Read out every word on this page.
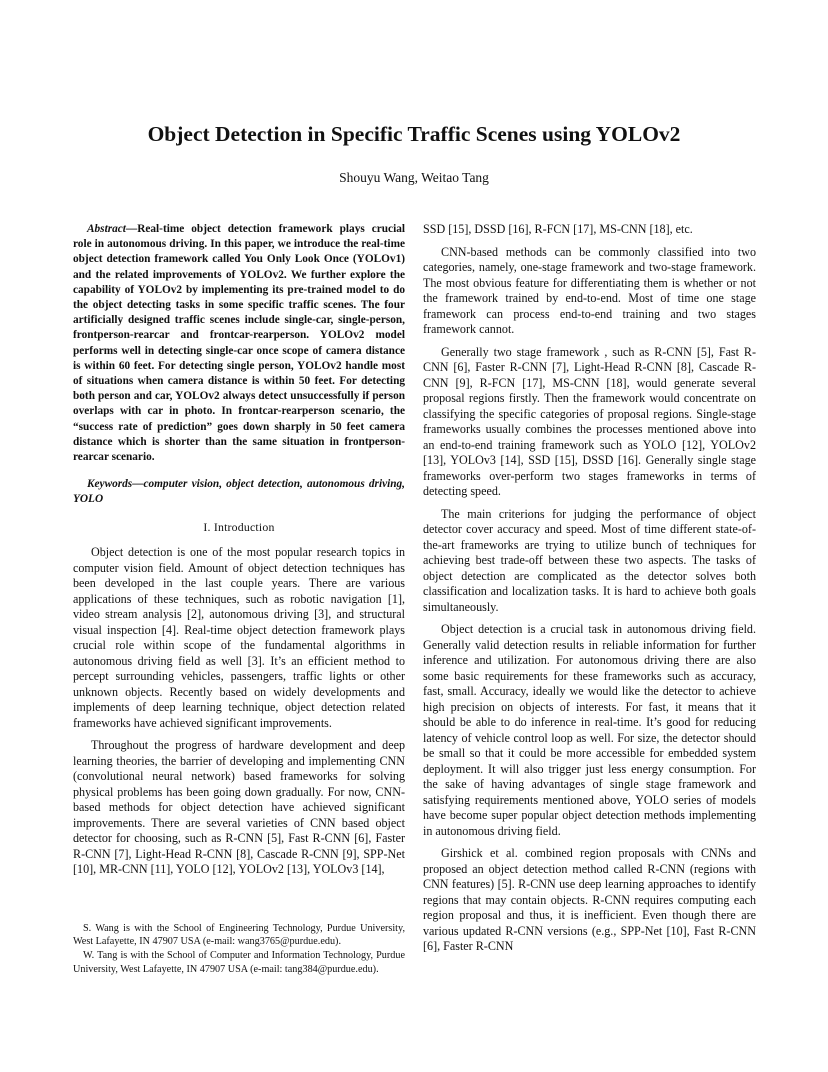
Object Detection in Specific Traffic Scenes using YOLOv2
Shouyu Wang, Weitao Tang

Abstract—Real-time object detection framework plays crucial role in autonomous driving. In this paper, we introduce the real-time object detection framework called You Only Look Once (YOLOv1) and the related improvements of YOLOv2. We further explore the capability of YOLOv2 by implementing its pre-trained model to do the object detecting tasks in some specific traffic scenes. The four artificially designed traffic scenes include single-car, single-person, frontperson-rearcar and frontcar-rearperson. YOLOv2 model performs well in detecting single-car once scope of camera distance is within 60 feet. For detecting single person, YOLOv2 handle most of situations when camera distance is within 50 feet. For detecting both person and car, YOLOv2 always detect unsuccessfully if person overlaps with car in photo. In frontcar-rearperson scenario, the “success rate of prediction” goes down sharply in 50 feet camera distance which is shorter than the same situation in frontperson-rearcar scenario.

Keywords—computer vision, object detection, autonomous driving, YOLO

I. Introduction

Object detection is one of the most popular research topics in computer vision field. Amount of object detection techniques has been developed in the last couple years. There are various applications of these techniques, such as robotic navigation [1], video stream analysis [2], autonomous driving [3], and structural visual inspection [4]. Real-time object detection framework plays crucial role within scope of the fundamental algorithms in autonomous driving field as well [3]. It’s an efficient method to percept surrounding vehicles, passengers, traffic lights or other unknown objects. Recently based on widely developments and implements of deep learning technique, object detection related frameworks have achieved significant improvements.

Throughout the progress of hardware development and deep learning theories, the barrier of developing and implementing CNN (convolutional neural network) based frameworks for solving physical problems has been going down gradually. For now, CNN-based methods for object detection have achieved significant improvements. There are several varieties of CNN based object detector for choosing, such as R-CNN [5], Fast R-CNN [6], Faster R-CNN [7], Light-Head R-CNN [8], Cascade R-CNN [9], SPP-Net [10], MR-CNN [11], YOLO [12], YOLOv2 [13], YOLOv3 [14],

S. Wang is with the School of Engineering Technology, Purdue University, West Lafayette, IN 47907 USA (e-mail: wang3765@purdue.edu).

W. Tang is with the School of Computer and Information Technology, Purdue University, West Lafayette, IN 47907 USA (e-mail: tang384@purdue.edu).

SSD [15], DSSD [16], R-FCN [17], MS-CNN [18], etc.

CNN-based methods can be commonly classified into two categories, namely, one-stage framework and two-stage framework. The most obvious feature for differentiating them is whether or not the framework trained by end-to-end. Most of time one stage framework can process end-to-end training and two stages framework cannot.

Generally two stage framework , such as R-CNN [5], Fast R-CNN [6], Faster R-CNN [7], Light-Head R-CNN [8], Cascade R-CNN [9], R-FCN [17], MS-CNN [18], would generate several proposal regions firstly. Then the framework would concentrate on classifying the specific categories of proposal regions. Single-stage frameworks usually combines the processes mentioned above into an end-to-end training framework such as YOLO [12], YOLOv2 [13], YOLOv3 [14], SSD [15], DSSD [16]. Generally single stage frameworks over-perform two stages frameworks in terms of detecting speed.

The main criterions for judging the performance of object detector cover accuracy and speed. Most of time different state-of-the-art frameworks are trying to utilize bunch of techniques for achieving best trade-off between these two aspects. The tasks of object detection are complicated as the detector solves both classification and localization tasks. It is hard to achieve both goals simultaneously.

Object detection is a crucial task in autonomous driving field. Generally valid detection results in reliable information for further inference and utilization. For autonomous driving there are also some basic requirements for these frameworks such as accuracy, fast, small. Accuracy, ideally we would like the detector to achieve high precision on objects of interests. For fast, it means that it should be able to do inference in real-time. It’s good for reducing latency of vehicle control loop as well. For size, the detector should be small so that it could be more accessible for embedded system deployment. It will also trigger just less energy consumption. For the sake of having advantages of single stage framework and satisfying requirements mentioned above, YOLO series of models have become super popular object detection methods implementing in autonomous driving field.

Girshick et al. combined region proposals with CNNs and proposed an object detection method called R-CNN (regions with CNN features) [5]. R-CNN use deep learning approaches to identify regions that may contain objects. R-CNN requires computing each region proposal and thus, it is inefficient. Even though there are various updated R-CNN versions (e.g., SPP-Net [10], Fast R-CNN [6], Faster R-CNN
